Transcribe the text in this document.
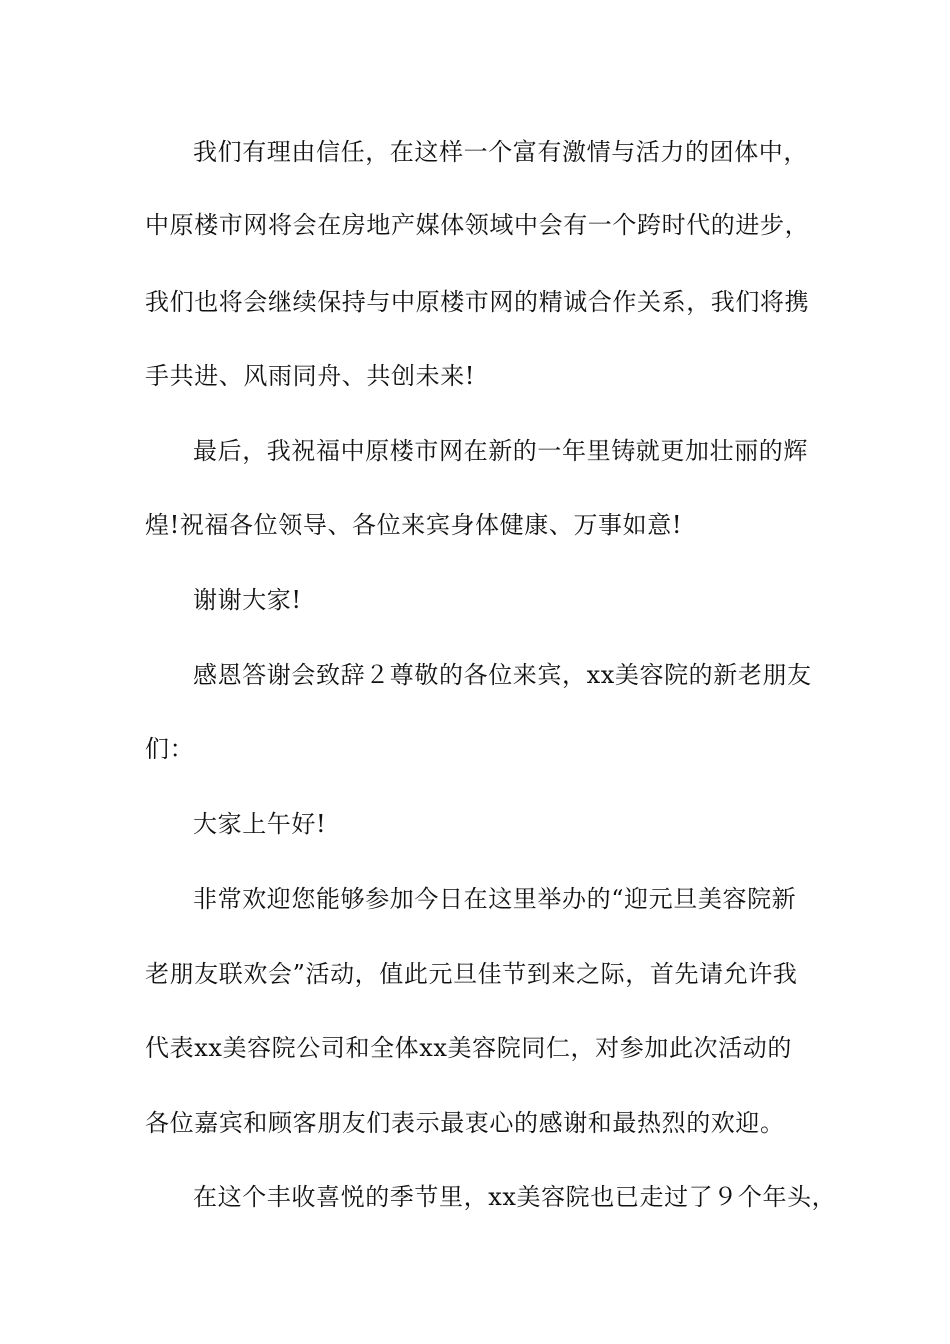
我们有理由信任，在这样一个富有激情与活力的团体中，
中原楼市网将会在房地产媒体领域中会有一个跨时代的进步，
我们也将会继续保持与中原楼市网的精诚合作关系，我们将携
手共进、风雨同舟、共创未来!
最后，我祝福中原楼市网在新的一年里铸就更加壮丽的辉
煌!祝福各位领导、各位来宾身体健康、万事如意!
谢谢大家!
感恩答谢会致辞２尊敬的各位来宾，xx美容院的新老朋友
们：
大家上午好!
非常欢迎您能够参加今日在这里举办的“迎元旦美容院新
老朋友联欢会”活动，值此元旦佳节到来之际，首先请允许我
代表xx美容院公司和全体xx美容院同仁，对参加此次活动的
各位嘉宾和顾客朋友们表示最衷心的感谢和最热烈的欢迎。
在这个丰收喜悦的季节里，xx美容院也已走过了９个年头，
